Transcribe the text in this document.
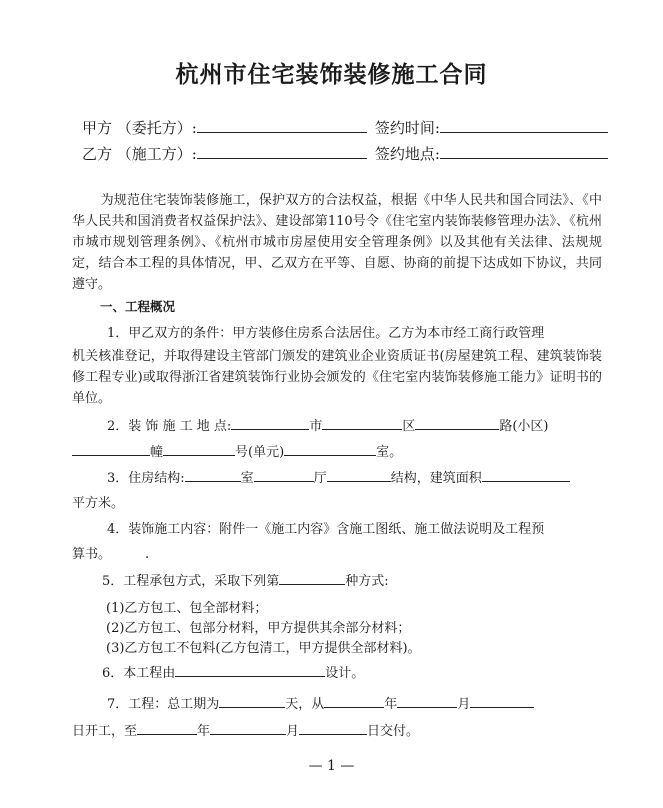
杭州市住宅装饰装修施工合同
甲方 （委托方）:	签约时间:
乙方 （施工方）:	签约地点:
为规范住宅装饰装修施工，保护双方的合法权益，根据《中华人民共和国合同法》、《中华人民共和国消费者权益保护法》、建设部第110号令《住宅室内装饰装修管理办法》、《杭州市城市规划管理条例》、《杭州市城市房屋使用安全管理条例》以及其他有关法律、法规规定，结合本工程的具体情况，甲、乙双方在平等、自愿、协商的前提下达成如下协议，共同遵守。
一、工程概况
1．甲乙双方的条件：甲方装修住房系合法居住。乙方为本市经工商行政管理
机关核准登记，并取得建设主管部门颁发的建筑业企业资质证书(房屋建筑工程、建筑装饰装修工程专业)或取得浙江省建筑装饰行业协会颁发的《住宅室内装饰装修施工能力》证明书的单位。
2．装 饰 施 工 地 点:	市	区	路(小区)
幢	号(单元)	室。
3．住房结构:	室	厅	结构，建筑面积
平方米。
4．装饰施工内容：附件一《施工内容》含施工图纸、施工做法说明及工程预
算书。	.
5．工程承包方式，采取下列第	种方式:
(1)乙方包工、包全部材料；
(2)乙方包工、包部分材料，甲方提供其余部分材料；
(3)乙方包工不包料(乙方包清工，甲方提供全部材料)。
6．本工程由	设计。
7．工程：总工期为	天，从	年	月
日开工，至	年	月	日交付。
— 1 —
